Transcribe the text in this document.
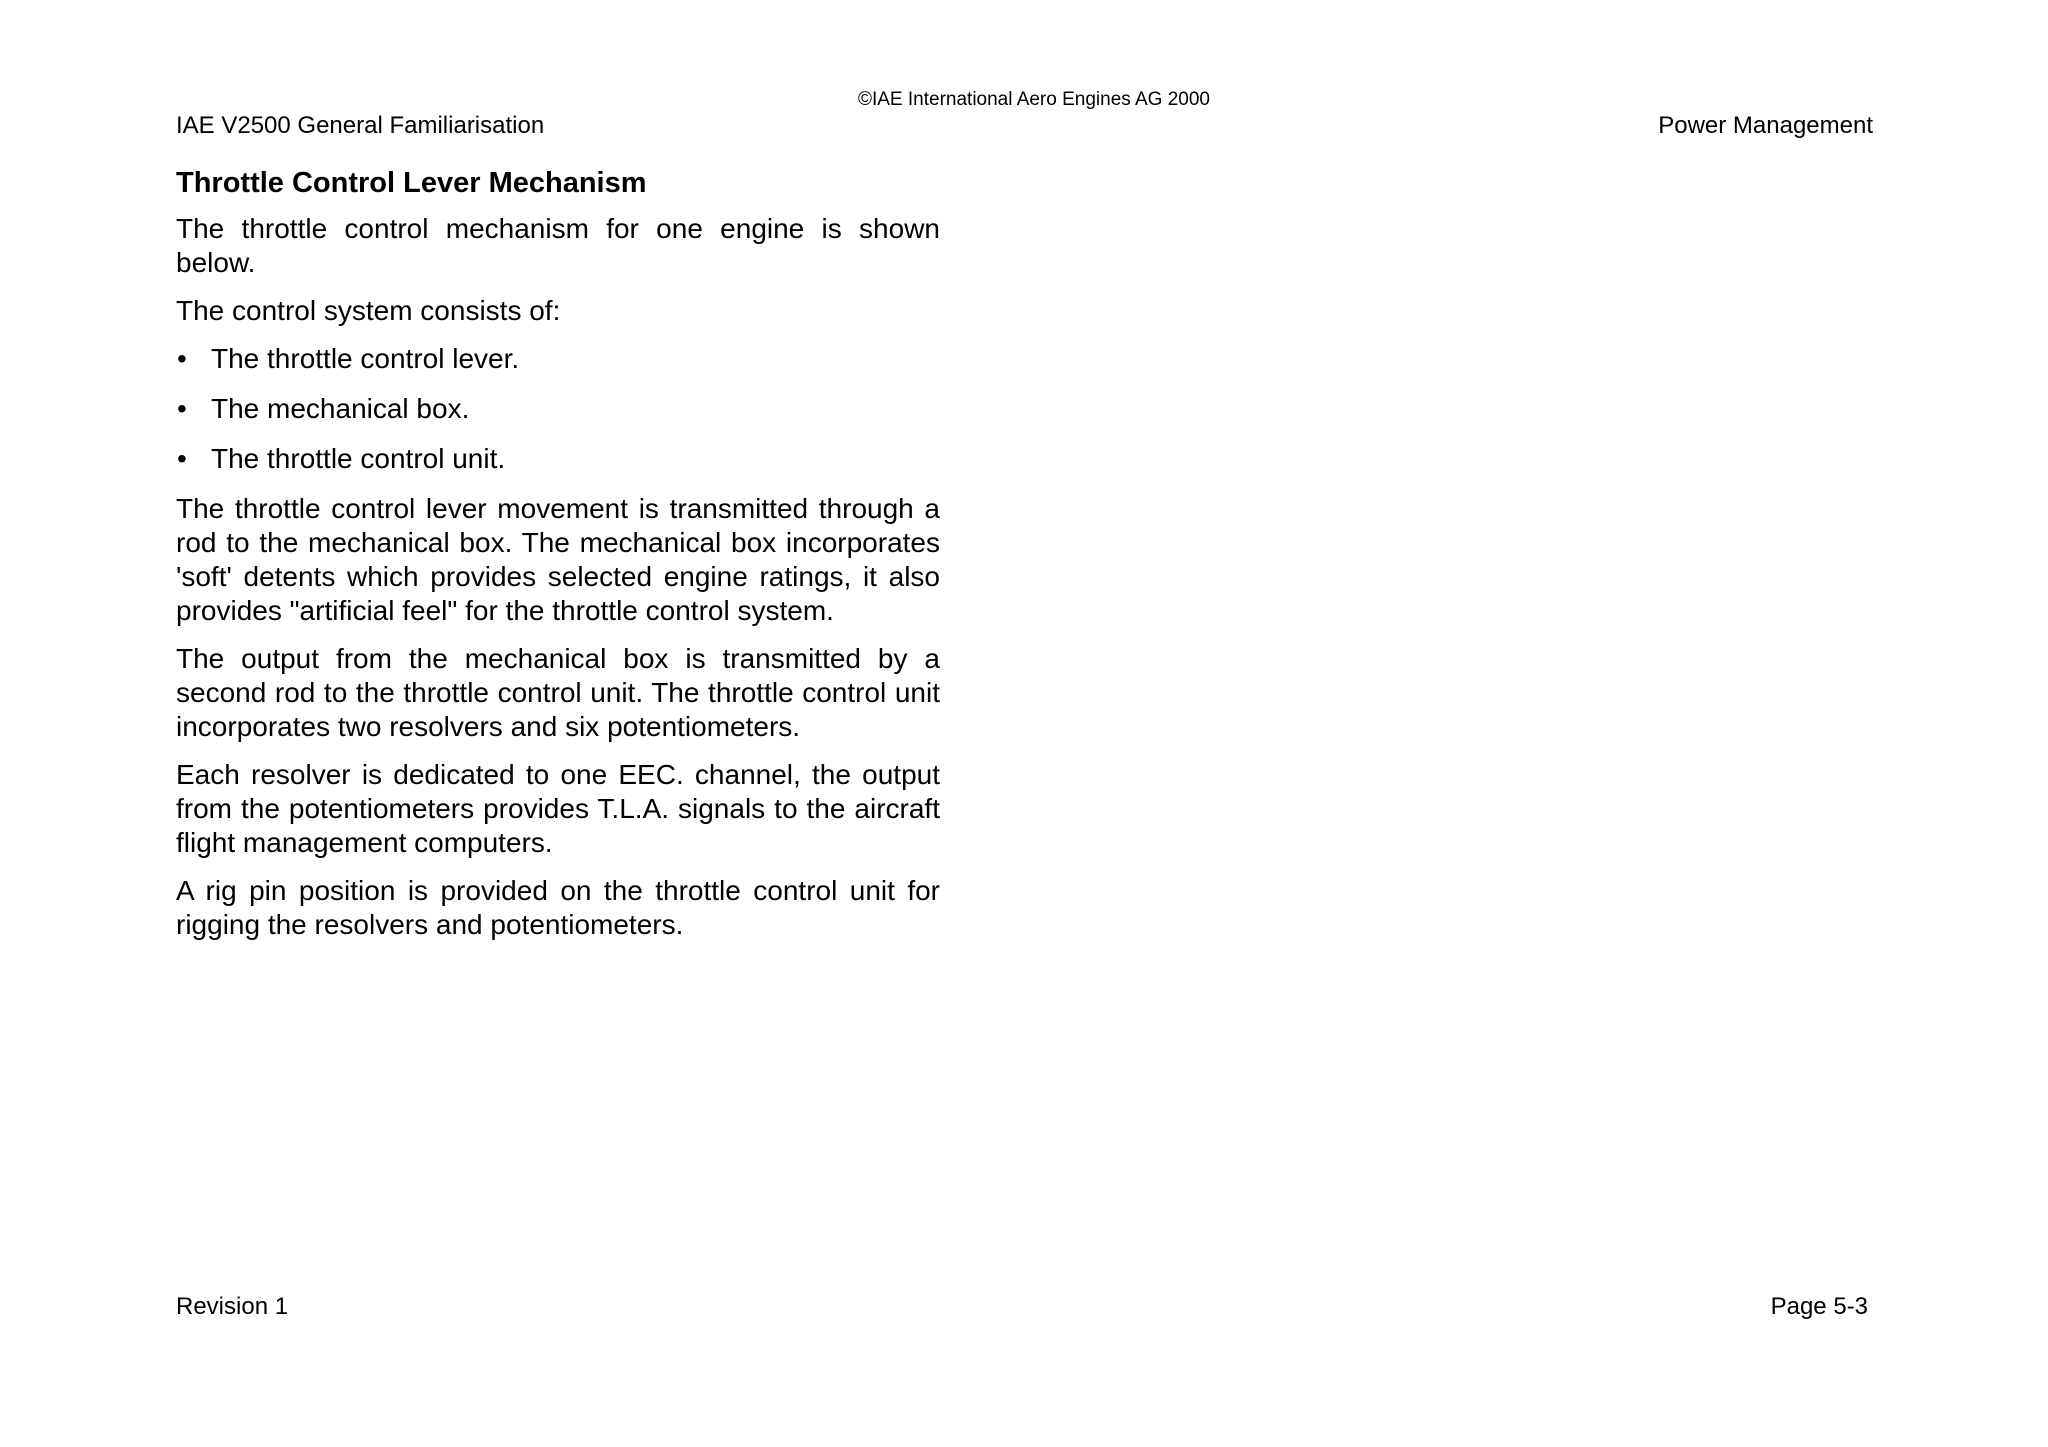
©IAE International Aero Engines AG 2000
IAE V2500 General Familiarisation	Power Management
Throttle Control Lever Mechanism

The throttle control mechanism for one engine is shown below.

The control system consists of:

• The throttle control lever.
• The mechanical box.
• The throttle control unit.

The throttle control lever movement is transmitted through a rod to the mechanical box. The mechanical box incorporates 'soft' detents which provides selected engine ratings, it also provides "artificial feel" for the throttle control system.

The output from the mechanical box is transmitted by a second rod to the throttle control unit. The throttle control unit incorporates two resolvers and six potentiometers.

Each resolver is dedicated to one EEC. channel, the output from the potentiometers provides T.L.A. signals to the aircraft flight management computers.

A rig pin position is provided on the throttle control unit for rigging the resolvers and potentiometers.

Revision 1	Page 5-3
